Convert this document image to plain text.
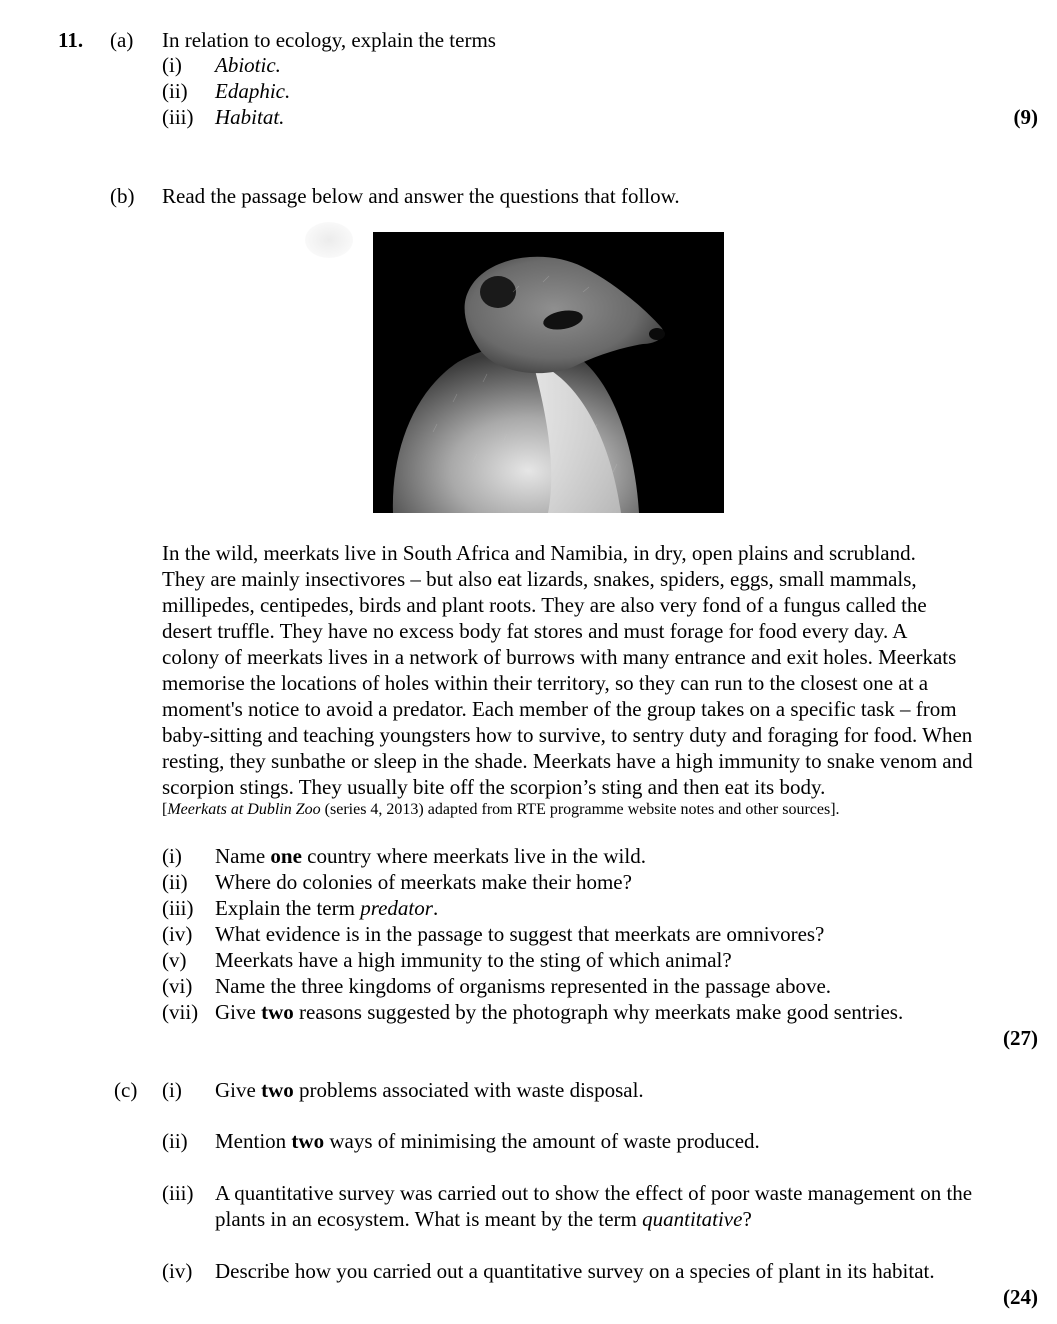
11. (a) In relation to ecology, explain the terms
(i) Abiotic.
(ii) Edaphic.
(iii) Habitat.	(9)
(b) Read the passage below and answer the questions that follow.
In the wild, meerkats live in South Africa and Namibia, in dry, open plains and scrubland.
They are mainly insectivores – but also eat lizards, snakes, spiders, eggs, small mammals,
millipedes, centipedes, birds and plant roots. They are also very fond of a fungus called the
desert truffle. They have no excess body fat stores and must forage for food every day. A
colony of meerkats lives in a network of burrows with many entrance and exit holes. Meerkats
memorise the locations of holes within their territory, so they can run to the closest one at a
moment's notice to avoid a predator. Each member of the group takes on a specific task – from
baby-sitting and teaching youngsters how to survive, to sentry duty and foraging for food. When
resting, they sunbathe or sleep in the shade. Meerkats have a high immunity to snake venom and
scorpion stings. They usually bite off the scorpion’s sting and then eat its body.
[Meerkats at Dublin Zoo (series 4, 2013) adapted from RTE programme website notes and other sources].
(i) Name one country where meerkats live in the wild.
(ii) Where do colonies of meerkats make their home?
(iii) Explain the term predator.
(iv) What evidence is in the passage to suggest that meerkats are omnivores?
(v) Meerkats have a high immunity to the sting of which animal?
(vi) Name the three kingdoms of organisms represented in the passage above.
(vii) Give two reasons suggested by the photograph why meerkats make good sentries.
(27)
(c) (i) Give two problems associated with waste disposal.
(ii) Mention two ways of minimising the amount of waste produced.
(iii) A quantitative survey was carried out to show the effect of poor waste management on the
plants in an ecosystem. What is meant by the term quantitative?
(iv) Describe how you carried out a quantitative survey on a species of plant in its habitat.
(24)
